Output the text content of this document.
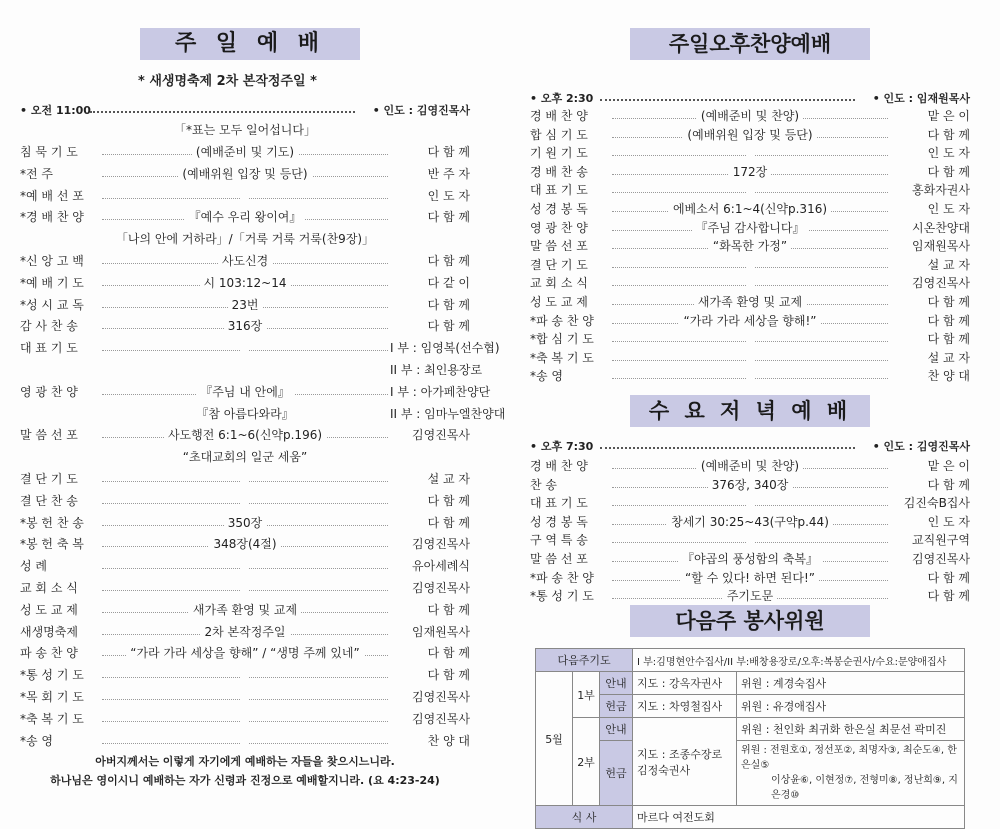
주 일 예 배
* 새생명축제 2차 본작정주일 *
• 오전 11:00	• 인도 : 김영진목사
「*표는 모두 일어섭니다」
침 묵 기 도	(예배준비 및 기도)	다 함 께
*전 주	(예배위원 입장 및 등단)	반 주 자
*예 배 선 포	인 도 자
*경 배 찬 양	『예수 우리 왕이여』	다 함 께
「나의 안에 거하라」/「거룩 거룩 거룩(찬9장)」
*신 앙 고 백	사도신경	다 함 께
*예 배 기 도	시 103:12~14	다 같 이
*성 시 교 독	23번	다 함 께
감 사 찬 송	316장	다 함 께
대 표 기 도	I 부 : 임영복(선수협)
II 부 : 최인용장로
영 광 찬 양	『주님 내 안에』	I 부 : 아가페찬양단
『참 아름다와라』	II 부 : 임마누엘찬양대
말 씀 선 포	사도행전 6:1~6(신약p.196)	김영진목사
“초대교회의 일군 세움”
결 단 기 도	설 교 자
결 단 찬 송	다 함 께
*봉 헌 찬 송	350장	다 함 께
*봉 헌 축 복	348장(4절)	김영진목사
성 례	유아세례식
교 회 소 식	김영진목사
성 도 교 제	새가족 환영 및 교제	다 함 께
새생명축제	2차 본작정주일	임재원목사
파 송 찬 양	“가라 가라 세상을 향해” / “생명 주께 있네”	다 함 께
*통 성 기 도	다 함 께
*목 회 기 도	김영진목사
*축 복 기 도	김영진목사
*송 영	찬 양 대
아버지께서는 이렇게 자기에게 예배하는 자들을 찾으시느니라.
하나님은 영이시니 예배하는 자가 신령과 진정으로 예배할지니라. (요 4:23-24)
주일오후찬양예배
• 오후 2:30	• 인도 : 임재원목사
경 배 찬 양	(예배준비 및 찬양)	맡 은 이
합 심 기 도	(예배위원 입장 및 등단)	다 함 께
기 원 기 도	인 도 자
경 배 찬 송	172장	다 함 께
대 표 기 도	홍화자권사
성 경 봉 독	에베소서 6:1~4(신약p.316)	인 도 자
영 광 찬 양	『주님 감사합니다』	시온찬양대
말 씀 선 포	“화목한 가정”	임재원목사
결 단 기 도	설 교 자
교 회 소 식	김영진목사
성 도 교 제	새가족 환영 및 교제	다 함 께
*파 송 찬 양	“가라 가라 세상을 향해!”	다 함 께
*합 심 기 도	다 함 께
*축 복 기 도	설 교 자
*송 영	찬 양 대
수 요 저 녁 예 배
• 오후 7:30	• 인도 : 김영진목사
경 배 찬 양	(예배준비 및 찬양)	맡 은 이
찬 송	376장, 340장	다 함 께
대 표 기 도	김진숙B집사
성 경 봉 독	창세기 30:25~43(구약p.44)	인 도 자
구 역 특 송	교직원구역
말 씀 선 포	『야곱의 풍성함의 축복』	김영진목사
*파 송 찬 양	“할 수 있다! 하면 된다!”	다 함 께
*통 성 기 도	주기도문	다 함 께
다음주 봉사위원
다음주기도			I 부:김명현안수집사/II 부:배창용장로/오후:복봉순권사/수요:문양애집사	
5월	1부	안내	지도 : 강옥자권사	위원 : 계경숙집사
		헌금	지도 : 차영철집사	위원 : 유경애집사
	2부	안내	지도 : 조종수장로 김정숙권사	위원 : 천인화 최귀화 한은실 최문선 곽미진
		헌금		위원 : 전원호①, 정선포②, 최명자③, 최순도④, 한은실⑤
이상윤⑥, 이현정⑦, 전형미⑧, 정난희⑨, 지은경⑩

식 사			마르다 여전도회	
